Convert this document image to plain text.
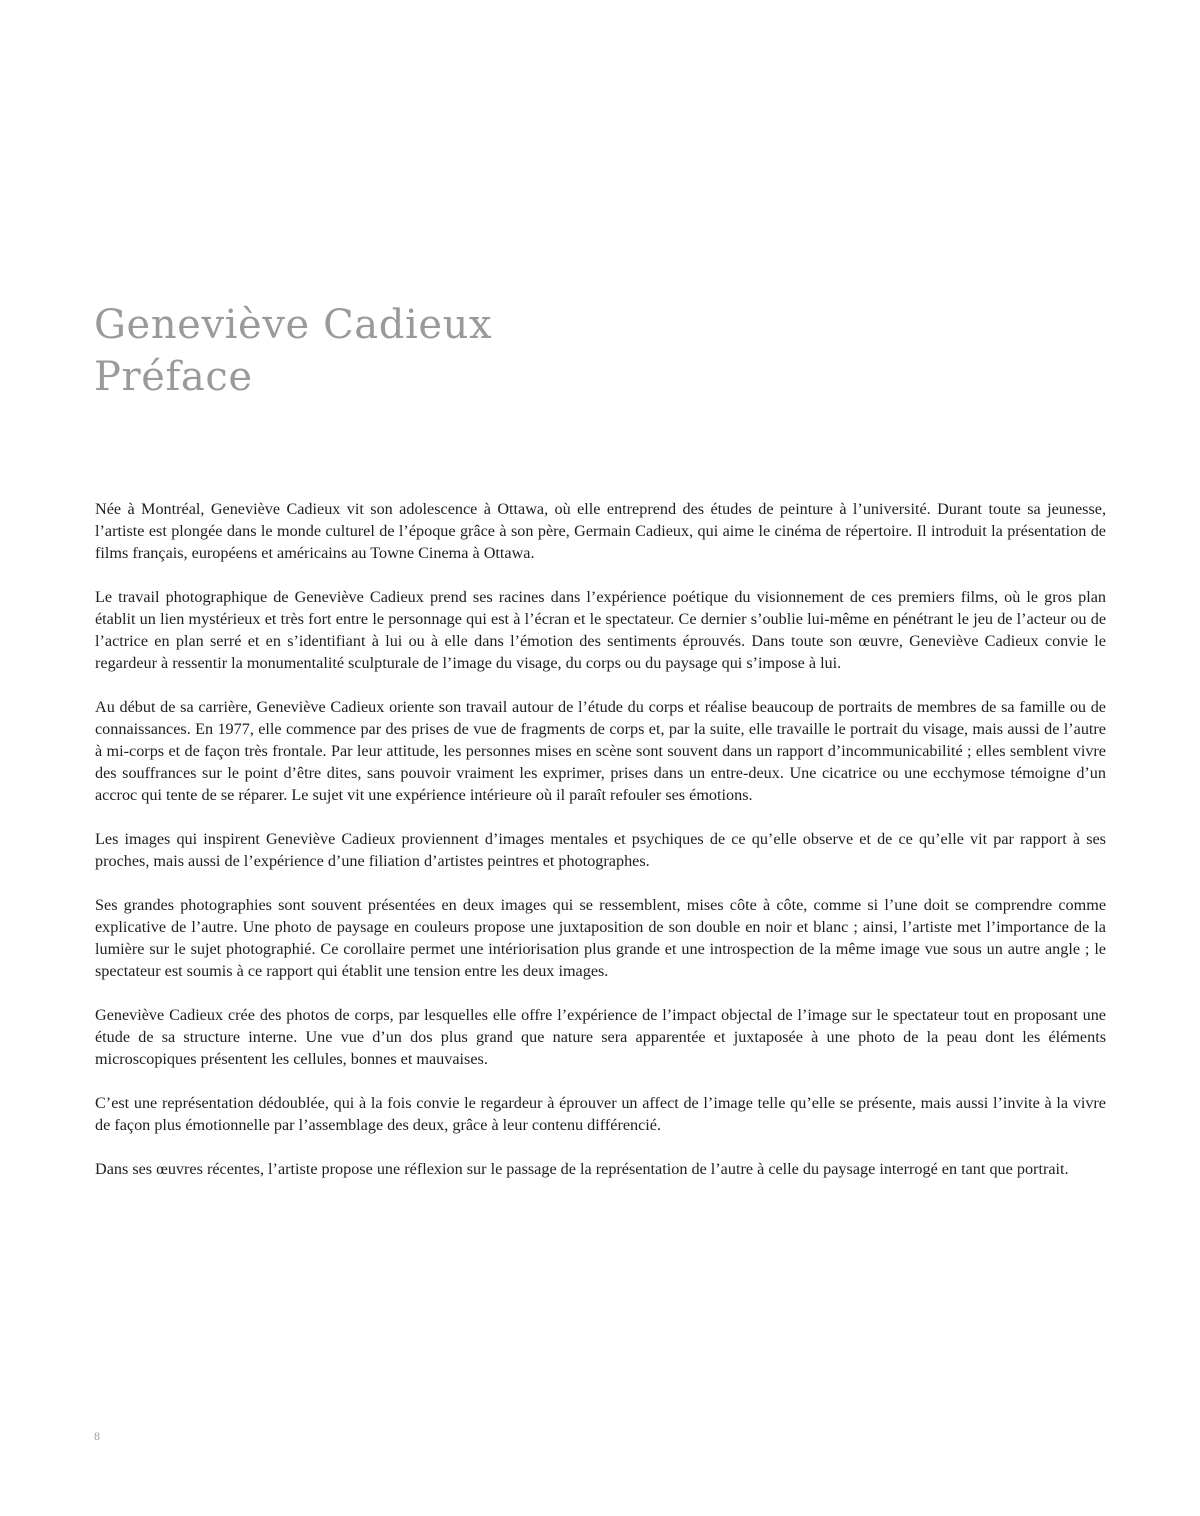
Geneviève Cadieux
Préface

Née à Montréal, Geneviève Cadieux vit son adolescence à Ottawa, où elle entreprend des études de peinture à l’université. Durant toute sa jeunesse, l’artiste est plongée dans le monde culturel de l’époque grâce à son père, Germain Cadieux, qui aime le cinéma de répertoire. Il introduit la présentation de films français, européens et américains au Towne Cinema à Ottawa.

Le travail photographique de Geneviève Cadieux prend ses racines dans l’expérience poétique du visionnement de ces premiers films, où le gros plan établit un lien mystérieux et très fort entre le personnage qui est à l’écran et le spectateur. Ce dernier s’oublie lui-même en pénétrant le jeu de l’acteur ou de l’actrice en plan serré et en s’identifiant à lui ou à elle dans l’émotion des sentiments éprouvés. Dans toute son œuvre, Geneviève Cadieux convie le regardeur à ressentir la monumentalité sculpturale de l’image du visage, du corps ou du paysage qui s’impose à lui.

Au début de sa carrière, Geneviève Cadieux oriente son travail autour de l’étude du corps et réalise beaucoup de portraits de membres de sa famille ou de connaissances. En 1977, elle commence par des prises de vue de fragments de corps et, par la suite, elle travaille le portrait du visage, mais aussi de l’autre à mi-corps et de façon très frontale. Par leur attitude, les personnes mises en scène sont souvent dans un rapport d’incommunicabilité ; elles semblent vivre des souffrances sur le point d’être dites, sans pouvoir vraiment les exprimer, prises dans un entre-deux. Une cicatrice ou une ecchymose témoigne d’un accroc qui tente de se réparer. Le sujet vit une expérience intérieure où il paraît refouler ses émotions.

Les images qui inspirent Geneviève Cadieux proviennent d’images mentales et psychiques de ce qu’elle observe et de ce qu’elle vit par rapport à ses proches, mais aussi de l’expérience d’une filiation d’artistes peintres et photographes.

Ses grandes photographies sont souvent présentées en deux images qui se ressemblent, mises côte à côte, comme si l’une doit se comprendre comme explicative de l’autre. Une photo de paysage en couleurs propose une juxtaposition de son double en noir et blanc ; ainsi, l’artiste met l’importance de la lumière sur le sujet photographié. Ce corollaire permet une intériorisation plus grande et une introspection de la même image vue sous un autre angle ; le spectateur est soumis à ce rapport qui établit une tension entre les deux images.

Geneviève Cadieux crée des photos de corps, par lesquelles elle offre l’expérience de l’impact objectal de l’image sur le spectateur tout en proposant une étude de sa structure interne. Une vue d’un dos plus grand que nature sera apparentée et juxtaposée à une photo de la peau dont les éléments microscopiques présentent les cellules, bonnes et mauvaises.

C’est une représentation dédoublée, qui à la fois convie le regardeur à éprouver un affect de l’image telle qu’elle se présente, mais aussi l’invite à la vivre de façon plus émotionnelle par l’assemblage des deux, grâce à leur contenu différencié.

Dans ses œuvres récentes, l’artiste propose une réflexion sur le passage de la représentation de l’autre à celle du paysage interrogé en tant que portrait.

8
